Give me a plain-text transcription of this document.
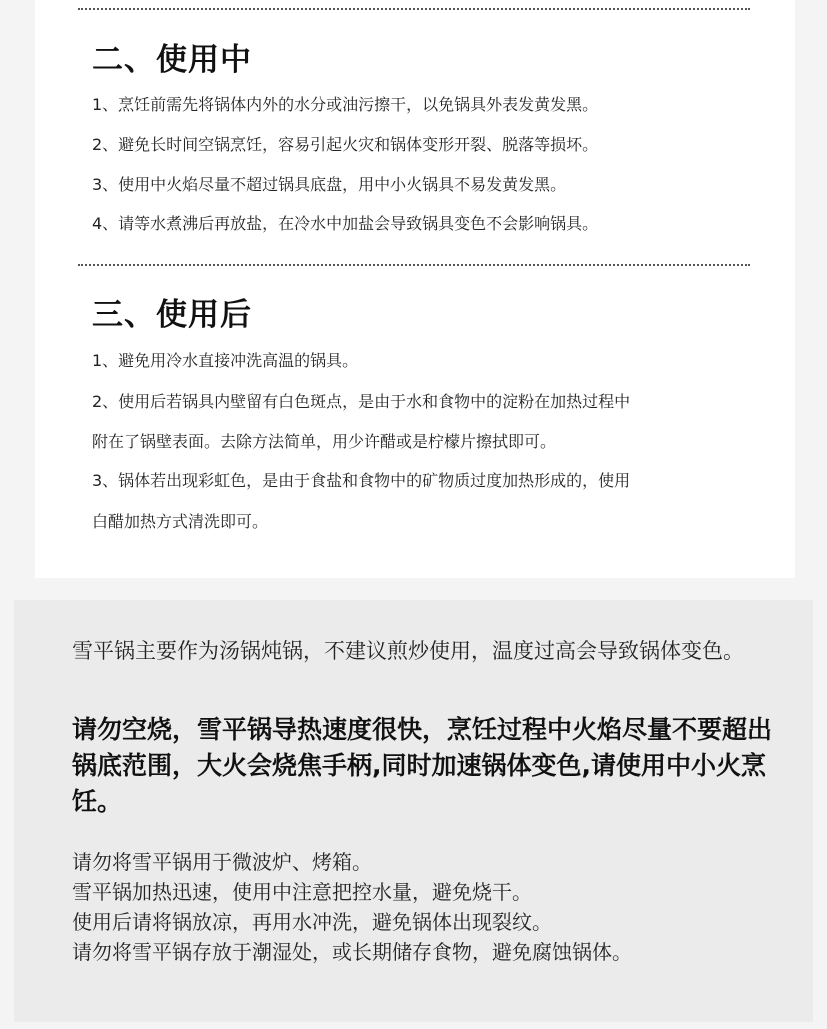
二、使用中

1、烹饪前需先将锅体内外的水分或油污擦干，以免锅具外表发黄发黑。

2、避免长时间空锅烹饪，容易引起火灾和锅体变形开裂、脱落等损坏。

3、使用中火焰尽量不超过锅具底盘，用中小火锅具不易发黄发黑。

4、请等水煮沸后再放盐，在冷水中加盐会导致锅具变色不会影响锅具。

三、使用后

1、避免用冷水直接冲洗高温的锅具。

2、使用后若锅具内壁留有白色斑点，是由于水和食物中的淀粉在加热过程中

附在了锅壁表面。去除方法简单，用少许醋或是柠檬片擦拭即可。

3、锅体若出现彩虹色，是由于食盐和食物中的矿物质过度加热形成的，使用

白醋加热方式清洗即可。

雪平锅主要作为汤锅炖锅，不建议煎炒使用，温度过高会导致锅体变色。

请勿空烧，雪平锅导热速度很快，烹饪过程中火焰尽量不要超出锅底范围，大火会烧焦手柄,同时加速锅体变色,请使用中小火烹饪。

请勿将雪平锅用于微波炉、烤箱。
雪平锅加热迅速，使用中注意把控水量，避免烧干。
使用后请将锅放凉，再用水冲洗，避免锅体出现裂纹。
请勿将雪平锅存放于潮湿处，或长期储存食物，避免腐蚀锅体。
